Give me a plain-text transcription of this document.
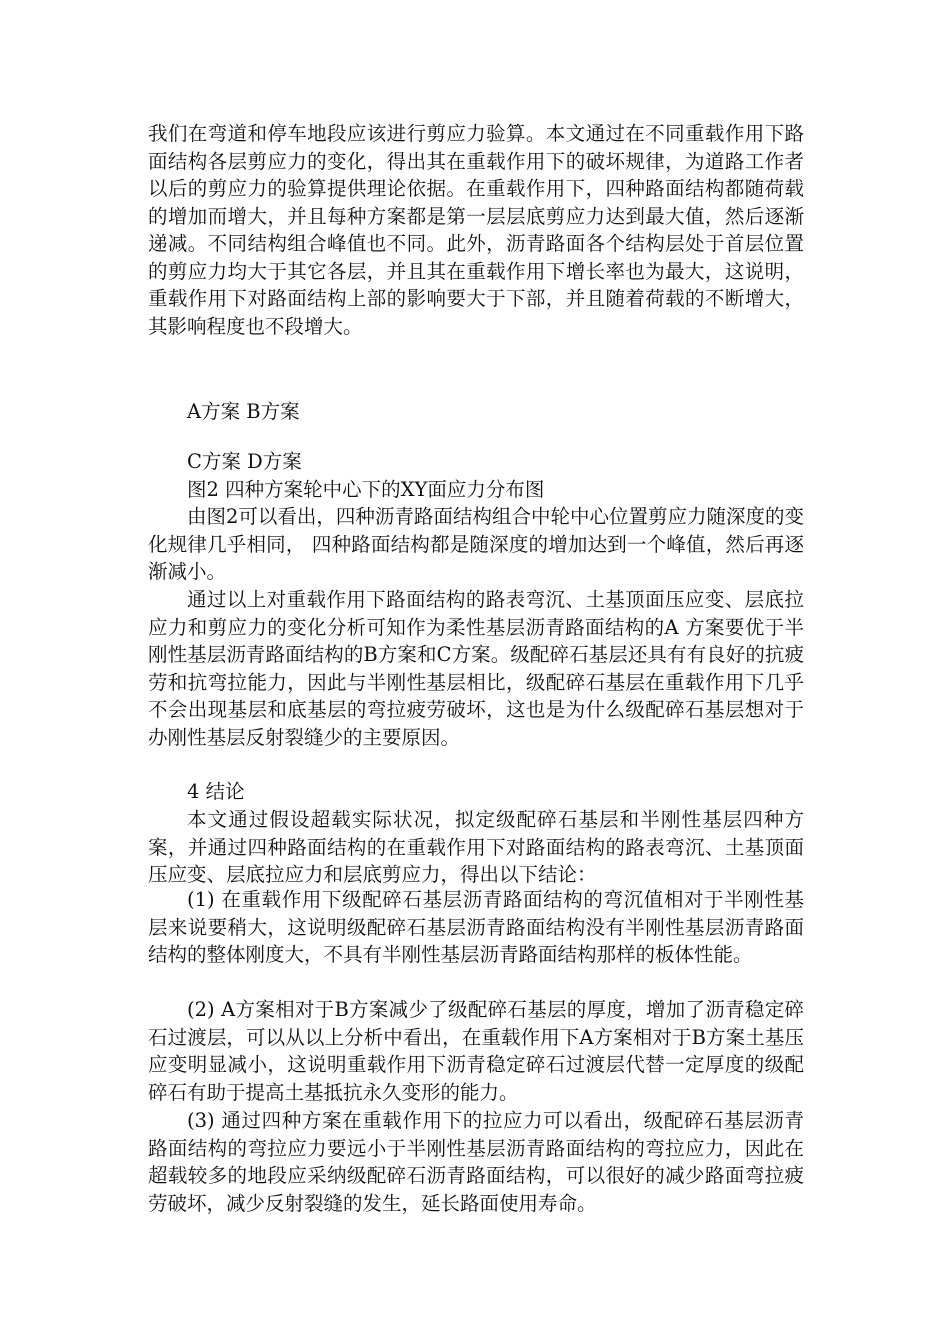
我们在弯道和停车地段应该进行剪应力验算。本文通过在不同重载作用下路面结构各层剪应力的变化，得出其在重载作用下的破坏规律，为道路工作者以后的剪应力的验算提供理论依据。在重载作用下，四种路面结构都随荷载的增加而增大，并且每种方案都是第一层层底剪应力达到最大值，然后逐渐递减。不同结构组合峰值也不同。此外，沥青路面各个结构层处于首层位置的剪应力均大于其它各层，并且其在重载作用下增长率也为最大，这说明，重载作用下对路面结构上部的影响要大于下部，并且随着荷载的不断增大，其影响程度也不段增大。

A方案 B方案

C方案 D方案

图2 四种方案轮中心下的XY面应力分布图

由图2可以看出，四种沥青路面结构组合中轮中心位置剪应力随深度的变化规律几乎相同， 四种路面结构都是随深度的增加达到一个峰值，然后再逐渐减小。

通过以上对重载作用下路面结构的路表弯沉、土基顶面压应变、层底拉应力和剪应力的变化分析可知作为柔性基层沥青路面结构的A 方案要优于半刚性基层沥青路面结构的B方案和C方案。级配碎石基层还具有有良好的抗疲劳和抗弯拉能力，因此与半刚性基层相比，级配碎石基层在重载作用下几乎不会出现基层和底基层的弯拉疲劳破坏，这也是为什么级配碎石基层想对于办刚性基层反射裂缝少的主要原因。

4 结论

本文通过假设超载实际状况，拟定级配碎石基层和半刚性基层四种方案，并通过四种路面结构的在重载作用下对路面结构的路表弯沉、土基顶面压应变、层底拉应力和层底剪应力，得出以下结论：

(1) 在重载作用下级配碎石基层沥青路面结构的弯沉值相对于半刚性基层来说要稍大，这说明级配碎石基层沥青路面结构没有半刚性基层沥青路面结构的整体刚度大，不具有半刚性基层沥青路面结构那样的板体性能。

(2) A方案相对于B方案减少了级配碎石基层的厚度，增加了沥青稳定碎石过渡层，可以从以上分析中看出，在重载作用下A方案相对于B方案土基压应变明显减小，这说明重载作用下沥青稳定碎石过渡层代替一定厚度的级配碎石有助于提高土基抵抗永久变形的能力。

(3) 通过四种方案在重载作用下的拉应力可以看出，级配碎石基层沥青路面结构的弯拉应力要远小于半刚性基层沥青路面结构的弯拉应力，因此在超载较多的地段应采纳级配碎石沥青路面结构，可以很好的减少路面弯拉疲劳破坏，减少反射裂缝的发生，延长路面使用寿命。
